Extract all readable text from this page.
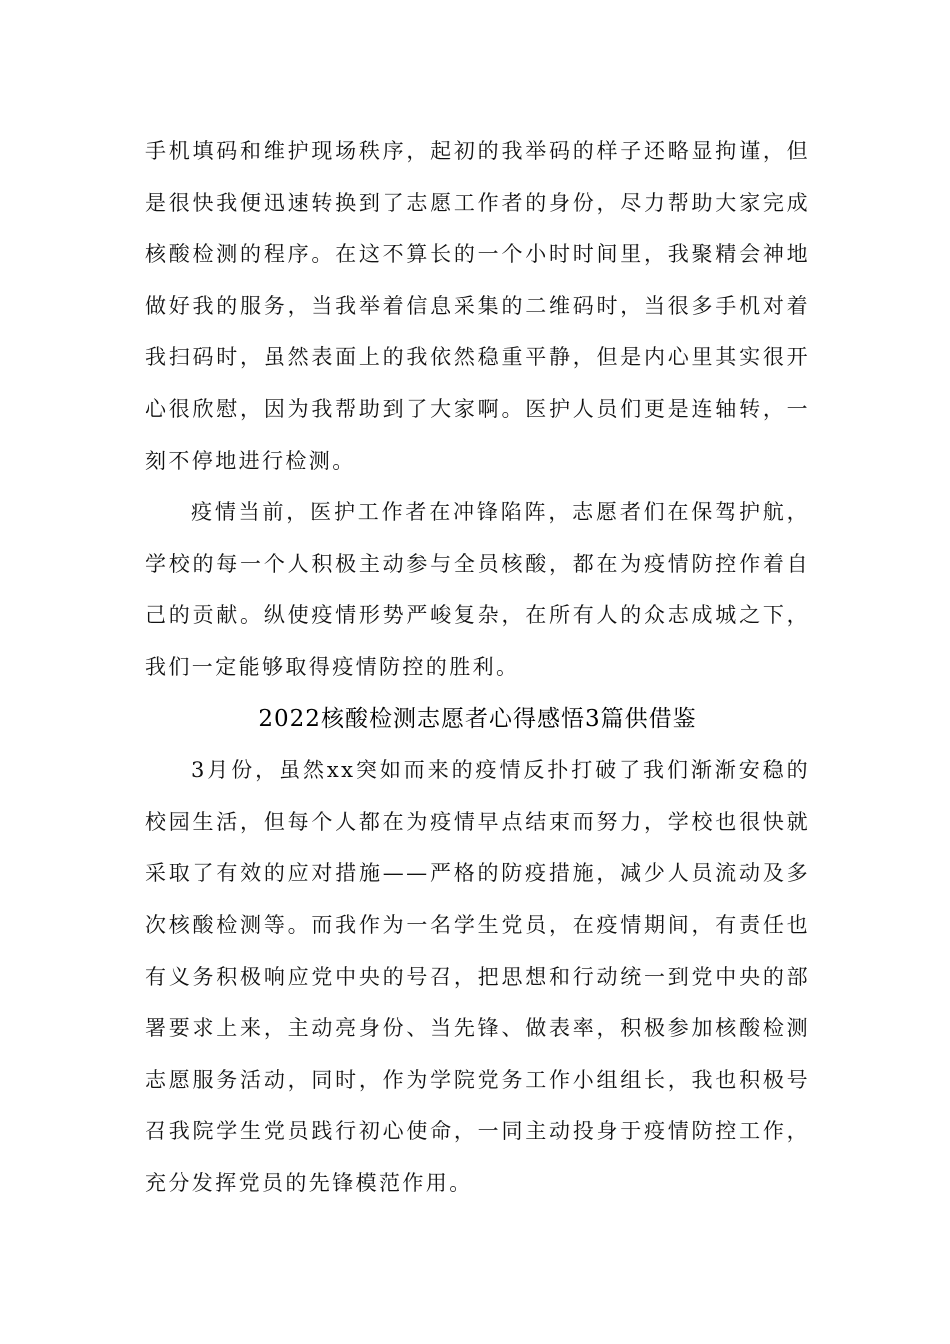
手机填码和维护现场秩序，起初的我举码的样子还略显拘谨，但是很快我便迅速转换到了志愿工作者的身份，尽力帮助大家完成核酸检测的程序。在这不算长的一个小时时间里，我聚精会神地做好我的服务，当我举着信息采集的二维码时，当很多手机对着我扫码时，虽然表面上的我依然稳重平静，但是内心里其实很开心很欣慰，因为我帮助到了大家啊。医护人员们更是连轴转，一刻不停地进行检测。

疫情当前，医护工作者在冲锋陷阵，志愿者们在保驾护航，学校的每一个人积极主动参与全员核酸，都在为疫情防控作着自己的贡献。纵使疫情形势严峻复杂，在所有人的众志成城之下，我们一定能够取得疫情防控的胜利。

2022核酸检测志愿者心得感悟3篇供借鉴

3月份，虽然xx突如而来的疫情反扑打破了我们渐渐安稳的校园生活，但每个人都在为疫情早点结束而努力，学校也很快就采取了有效的应对措施——严格的防疫措施，减少人员流动及多次核酸检测等。而我作为一名学生党员，在疫情期间，有责任也有义务积极响应党中央的号召，把思想和行动统一到党中央的部署要求上来，主动亮身份、当先锋、做表率，积极参加核酸检测志愿服务活动，同时，作为学院党务工作小组组长，我也积极号召我院学生党员践行初心使命，一同主动投身于疫情防控工作，充分发挥党员的先锋模范作用。
